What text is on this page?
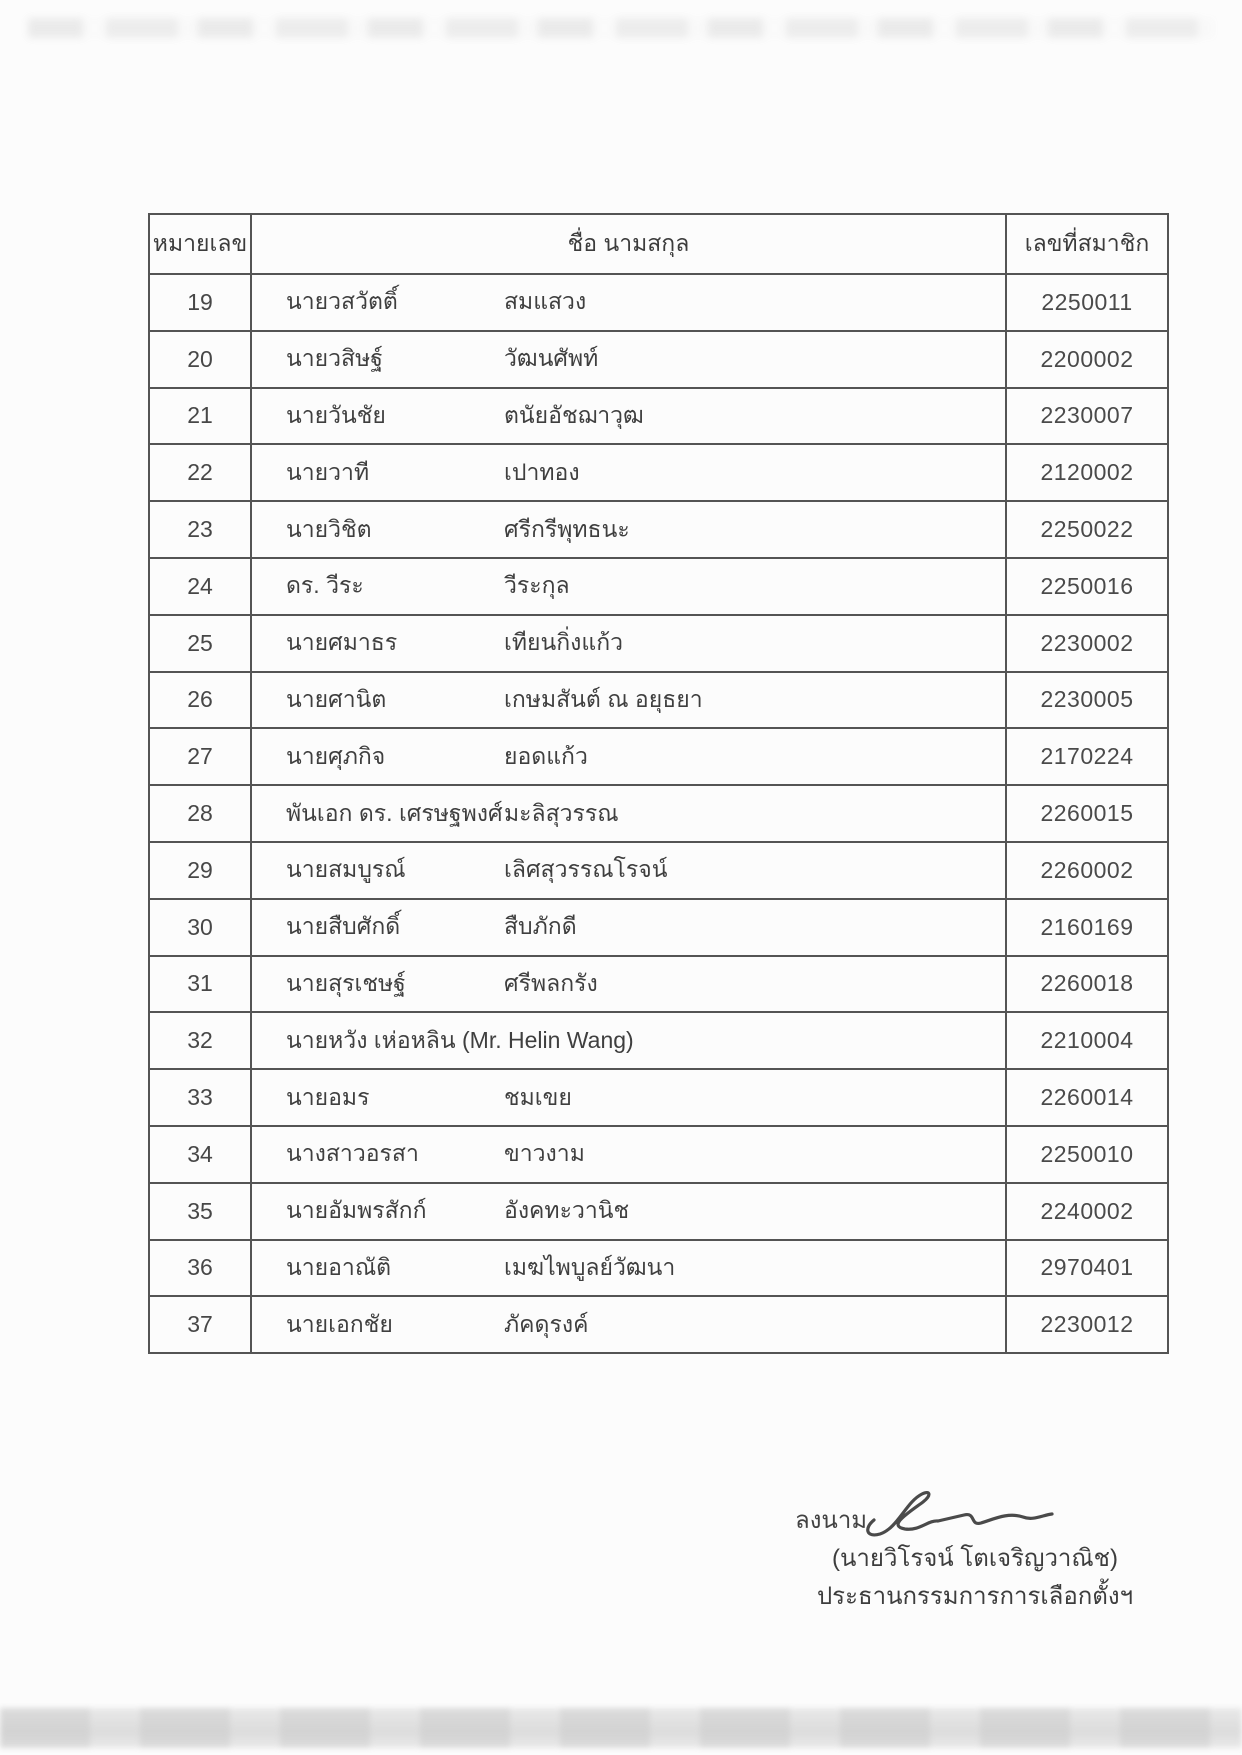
หมายเลข	ชื่อ นามสกุล	เลขที่สมาชิก
19	นายวสวัตติ์ สมแสวง	2250011
20	นายวสิษฐ์ วัฒนศัพท์	2200002
21	นายวันชัย ตนัยอัชฌาวุฒ	2230007
22	นายวาที เปาทอง	2120002
23	นายวิชิต ศรีกรีพุทธนะ	2250022
24	ดร. วีระ วีระกุล	2250016
25	นายศมาธร เทียนกิ่งแก้ว	2230002
26	นายศานิต เกษมสันต์ ณ อยุธยา	2230005
27	นายศุภกิจ ยอดแก้ว	2170224
28	พันเอก ดร. เศรษฐพงศ์มะลิสุวรรณ	2260015
29	นายสมบูรณ์ เลิศสุวรรณโรจน์	2260002
30	นายสืบศักดิ์ สืบภักดี	2160169
31	นายสุรเชษฐ์ ศรีพลกรัง	2260018
32	นายหวัง เห่อหลิน (Mr. Helin Wang)	2210004
33	นายอมร ชมเขย	2260014
34	นางสาวอรสา ขาวงาม	2250010
35	นายอัมพรสักก์ อังคทะวานิช	2240002
36	นายอาณัติ เมฆไพบูลย์วัฒนา	2970401
37	นายเอกชัย ภัคดุรงค์	2230012
ลงนาม
(นายวิโรจน์ โตเจริญวาณิช)
ประธานกรรมการการเลือกตั้งฯ
